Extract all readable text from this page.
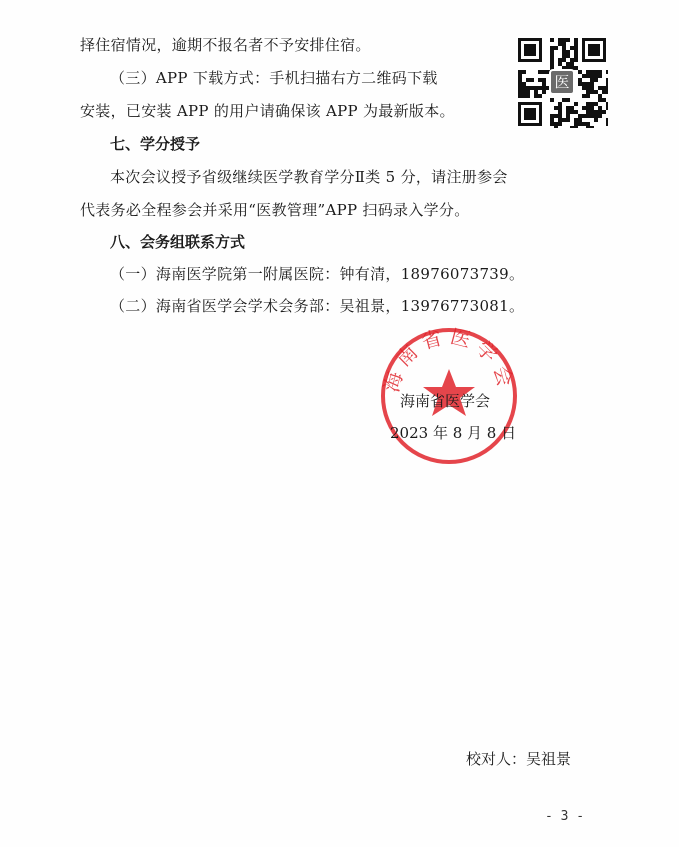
择住宿情况，逾期不报名者不予安排住宿。
（三）APP 下载方式：手机扫描右方二维码下载
安装，已安装 APP 的用户请确保该 APP 为最新版本。
医
七、学分授予
本次会议授予省级继续医学教育学分Ⅱ类 5 分，请注册参会
代表务必全程参会并采用“医教管理”APP 扫码录入学分。
八、会务组联系方式
（一）海南医学院第一附属医院：钟有清，18976073739。
（二）海南省医学会学术会务部：吴祖景，13976773081。
海南省医学会
海南省医学会
2023 年 8 月 8 日
校对人：吴祖景
- 3 -
